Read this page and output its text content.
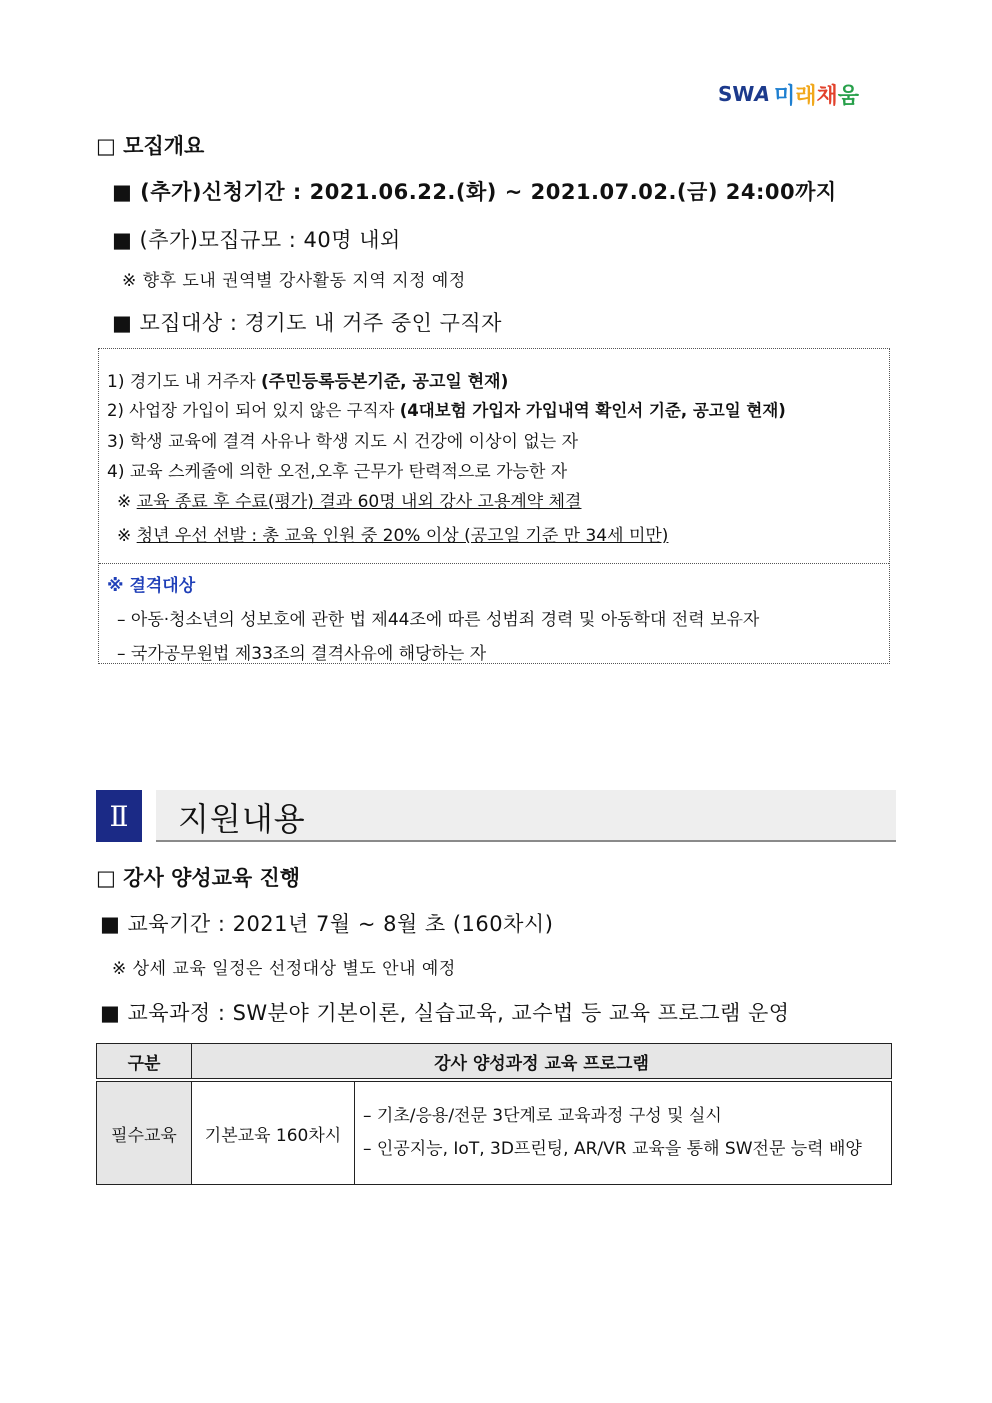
SWA 미래채움
□ 모집개요
■ (추가)신청기간 : 2021.06.22.(화) ~ 2021.07.02.(금) 24:00까지
■ (추가)모집규모 : 40명 내외
※ 향후 도내 권역별 강사활동 지역 지정 예정
■ 모집대상 : 경기도 내 거주 중인 구직자
1) 경기도 내 거주자 (주민등록등본기준, 공고일 현재)
2) 사업장 가입이 되어 있지 않은 구직자 (4대보험 가입자 가입내역 확인서 기준, 공고일 현재)
3) 학생 교육에 결격 사유나 학생 지도 시 건강에 이상이 없는 자
4) 교육 스케줄에 의한 오전,오후 근무가 탄력적으로 가능한 자
※ 교육 종료 후 수료(평가) 결과 60명 내외 강사 고용계약 체결
※ 청년 우선 선발 : 총 교육 인원 중 20% 이상 (공고일 기준 만 34세 미만)
※ 결격대상
– 아동·청소년의 성보호에 관한 법 제44조에 따른 성범죄 경력 및 아동학대 전력 보유자
– 국가공무원법 제33조의 결격사유에 해당하는 자
Ⅱ	지원내용
□ 강사 양성교육 진행
■ 교육기간 : 2021년 7월 ~ 8월 초 (160차시)
※ 상세 교육 일정은 선정대상 별도 안내 예정
■ 교육과정 : SW분야 기본이론, 실습교육, 교수법 등 교육 프로그램 운영
구분	강사 양성과정 교육 프로그램	

필수교육	기본교육 160차시	– 기초/응용/전문 3단계로 교육과정 구성 및 실시
– 인공지능, IoT, 3D프린팅, AR/VR 교육을 통해 SW전문 능력 배양
